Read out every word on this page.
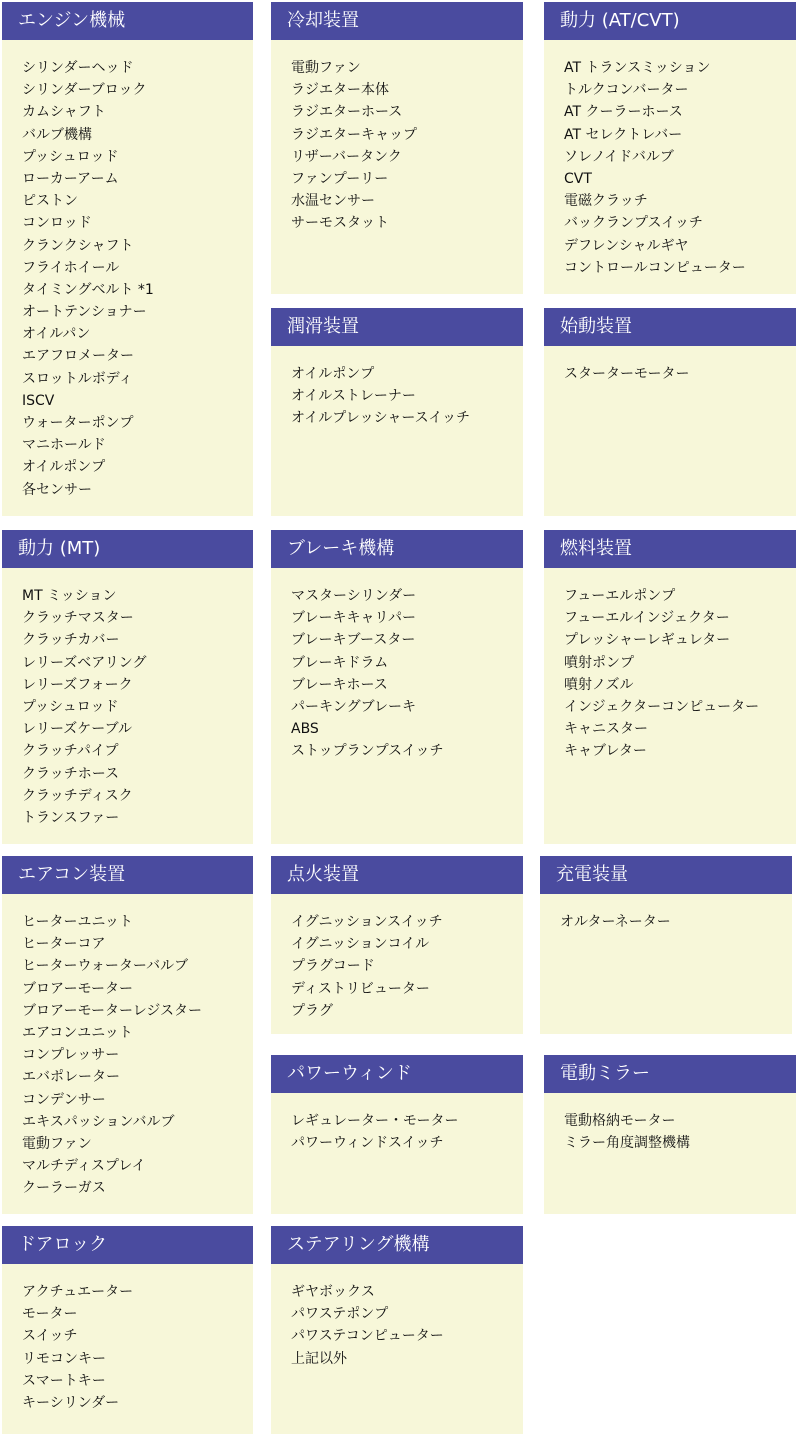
エンジン機械
シリンダーヘッド
シリンダーブロック
カムシャフト
バルブ機構
プッシュロッド
ローカーアーム
ピストン
コンロッド
クランクシャフト
フライホイール
タイミングベルト *1
オートテンショナー
オイルパン
エアフロメーター
スロットルボディ
ISCV
ウォーターポンプ
マニホールド
オイルポンプ
各センサー
冷却装置
電動ファン
ラジエター本体
ラジエターホース
ラジエターキャップ
リザーバータンク
ファンプーリー
水温センサー
サーモスタット
動力 (AT/CVT)
AT トランスミッション
トルクコンバーター
AT クーラーホース
AT セレクトレバー
ソレノイドバルブ
CVT
電磁クラッチ
バックランプスイッチ
デフレンシャルギヤ
コントロールコンピューター
潤滑装置
オイルポンプ
オイルストレーナー
オイルプレッシャースイッチ
始動装置
スターターモーター
動力 (MT)
MT ミッション
クラッチマスター
クラッチカバー
レリーズベアリング
レリーズフォーク
プッシュロッド
レリーズケーブル
クラッチパイプ
クラッチホース
クラッチディスク
トランスファー
ブレーキ機構
マスターシリンダー
ブレーキキャリパー
ブレーキブースター
ブレーキドラム
ブレーキホース
パーキングブレーキ
ABS
ストップランプスイッチ
燃料装置
フューエルポンプ
フューエルインジェクター
プレッシャーレギュレター
噴射ポンプ
噴射ノズル
インジェクターコンピューター
キャニスター
キャブレター
エアコン装置
ヒーターユニット
ヒーターコア
ヒーターウォーターバルブ
ブロアーモーター
ブロアーモーターレジスター
エアコンユニット
コンプレッサー
エバポレーター
コンデンサー
エキスパッションバルブ
電動ファン
マルチディスプレイ
クーラーガス
点火装置
イグニッションスイッチ
イグニッションコイル
プラグコード
ディストリビューター
プラグ
充電装量
オルターネーター
パワーウィンド
レギュレーター・モーター
パワーウィンドスイッチ
電動ミラー
電動格納モーター
ミラー角度調整機構
ドアロック
アクチュエーター
モーター
スイッチ
リモコンキー
スマートキー
キーシリンダー
ステアリング機構
ギヤボックス
パワステポンプ
パワステコンピューター
上記以外
